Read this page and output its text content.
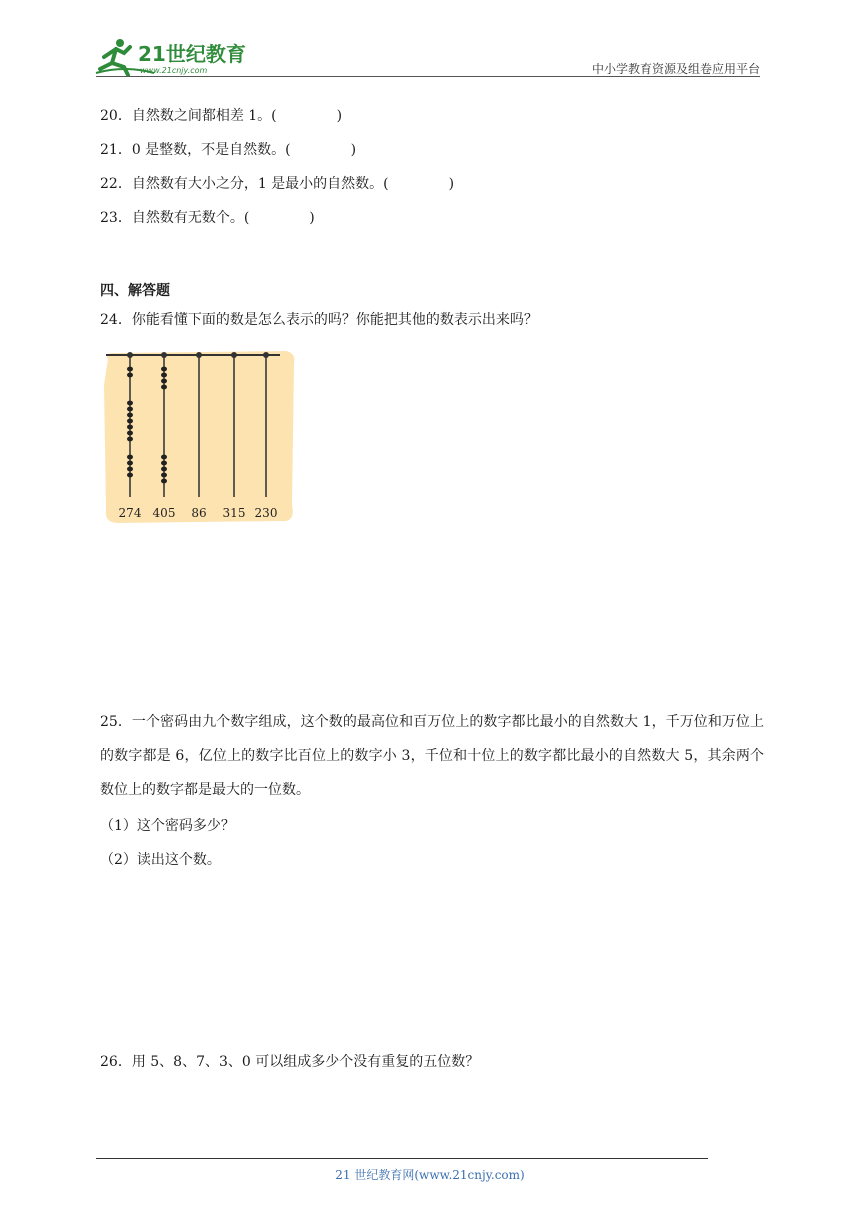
21世纪教育
www.21cnjy.com	中小学教育资源及组卷应用平台
20．自然数之间都相差 1。(	)
21．0 是整数，不是自然数。(	)
22．自然数有大小之分，1 是最小的自然数。(	)
23．自然数有无数个。(	)
四、解答题
24．你能看懂下面的数是怎么表示的吗？你能把其他的数表示出来吗？
274 405 86 315 230
25．一个密码由九个数字组成，这个数的最高位和百万位上的数字都比最小的自然数大 1，千万位和万位上的数字都是 6，亿位上的数字比百位上的数字小 3，千位和十位上的数字都比最小的自然数大 5，其余两个数位上的数字都是最大的一位数。
（1）这个密码多少？
（2）读出这个数。
26．用 5、8、7、3、0 可以组成多少个没有重复的五位数？
21 世纪教育网(www.21cnjy.com)
